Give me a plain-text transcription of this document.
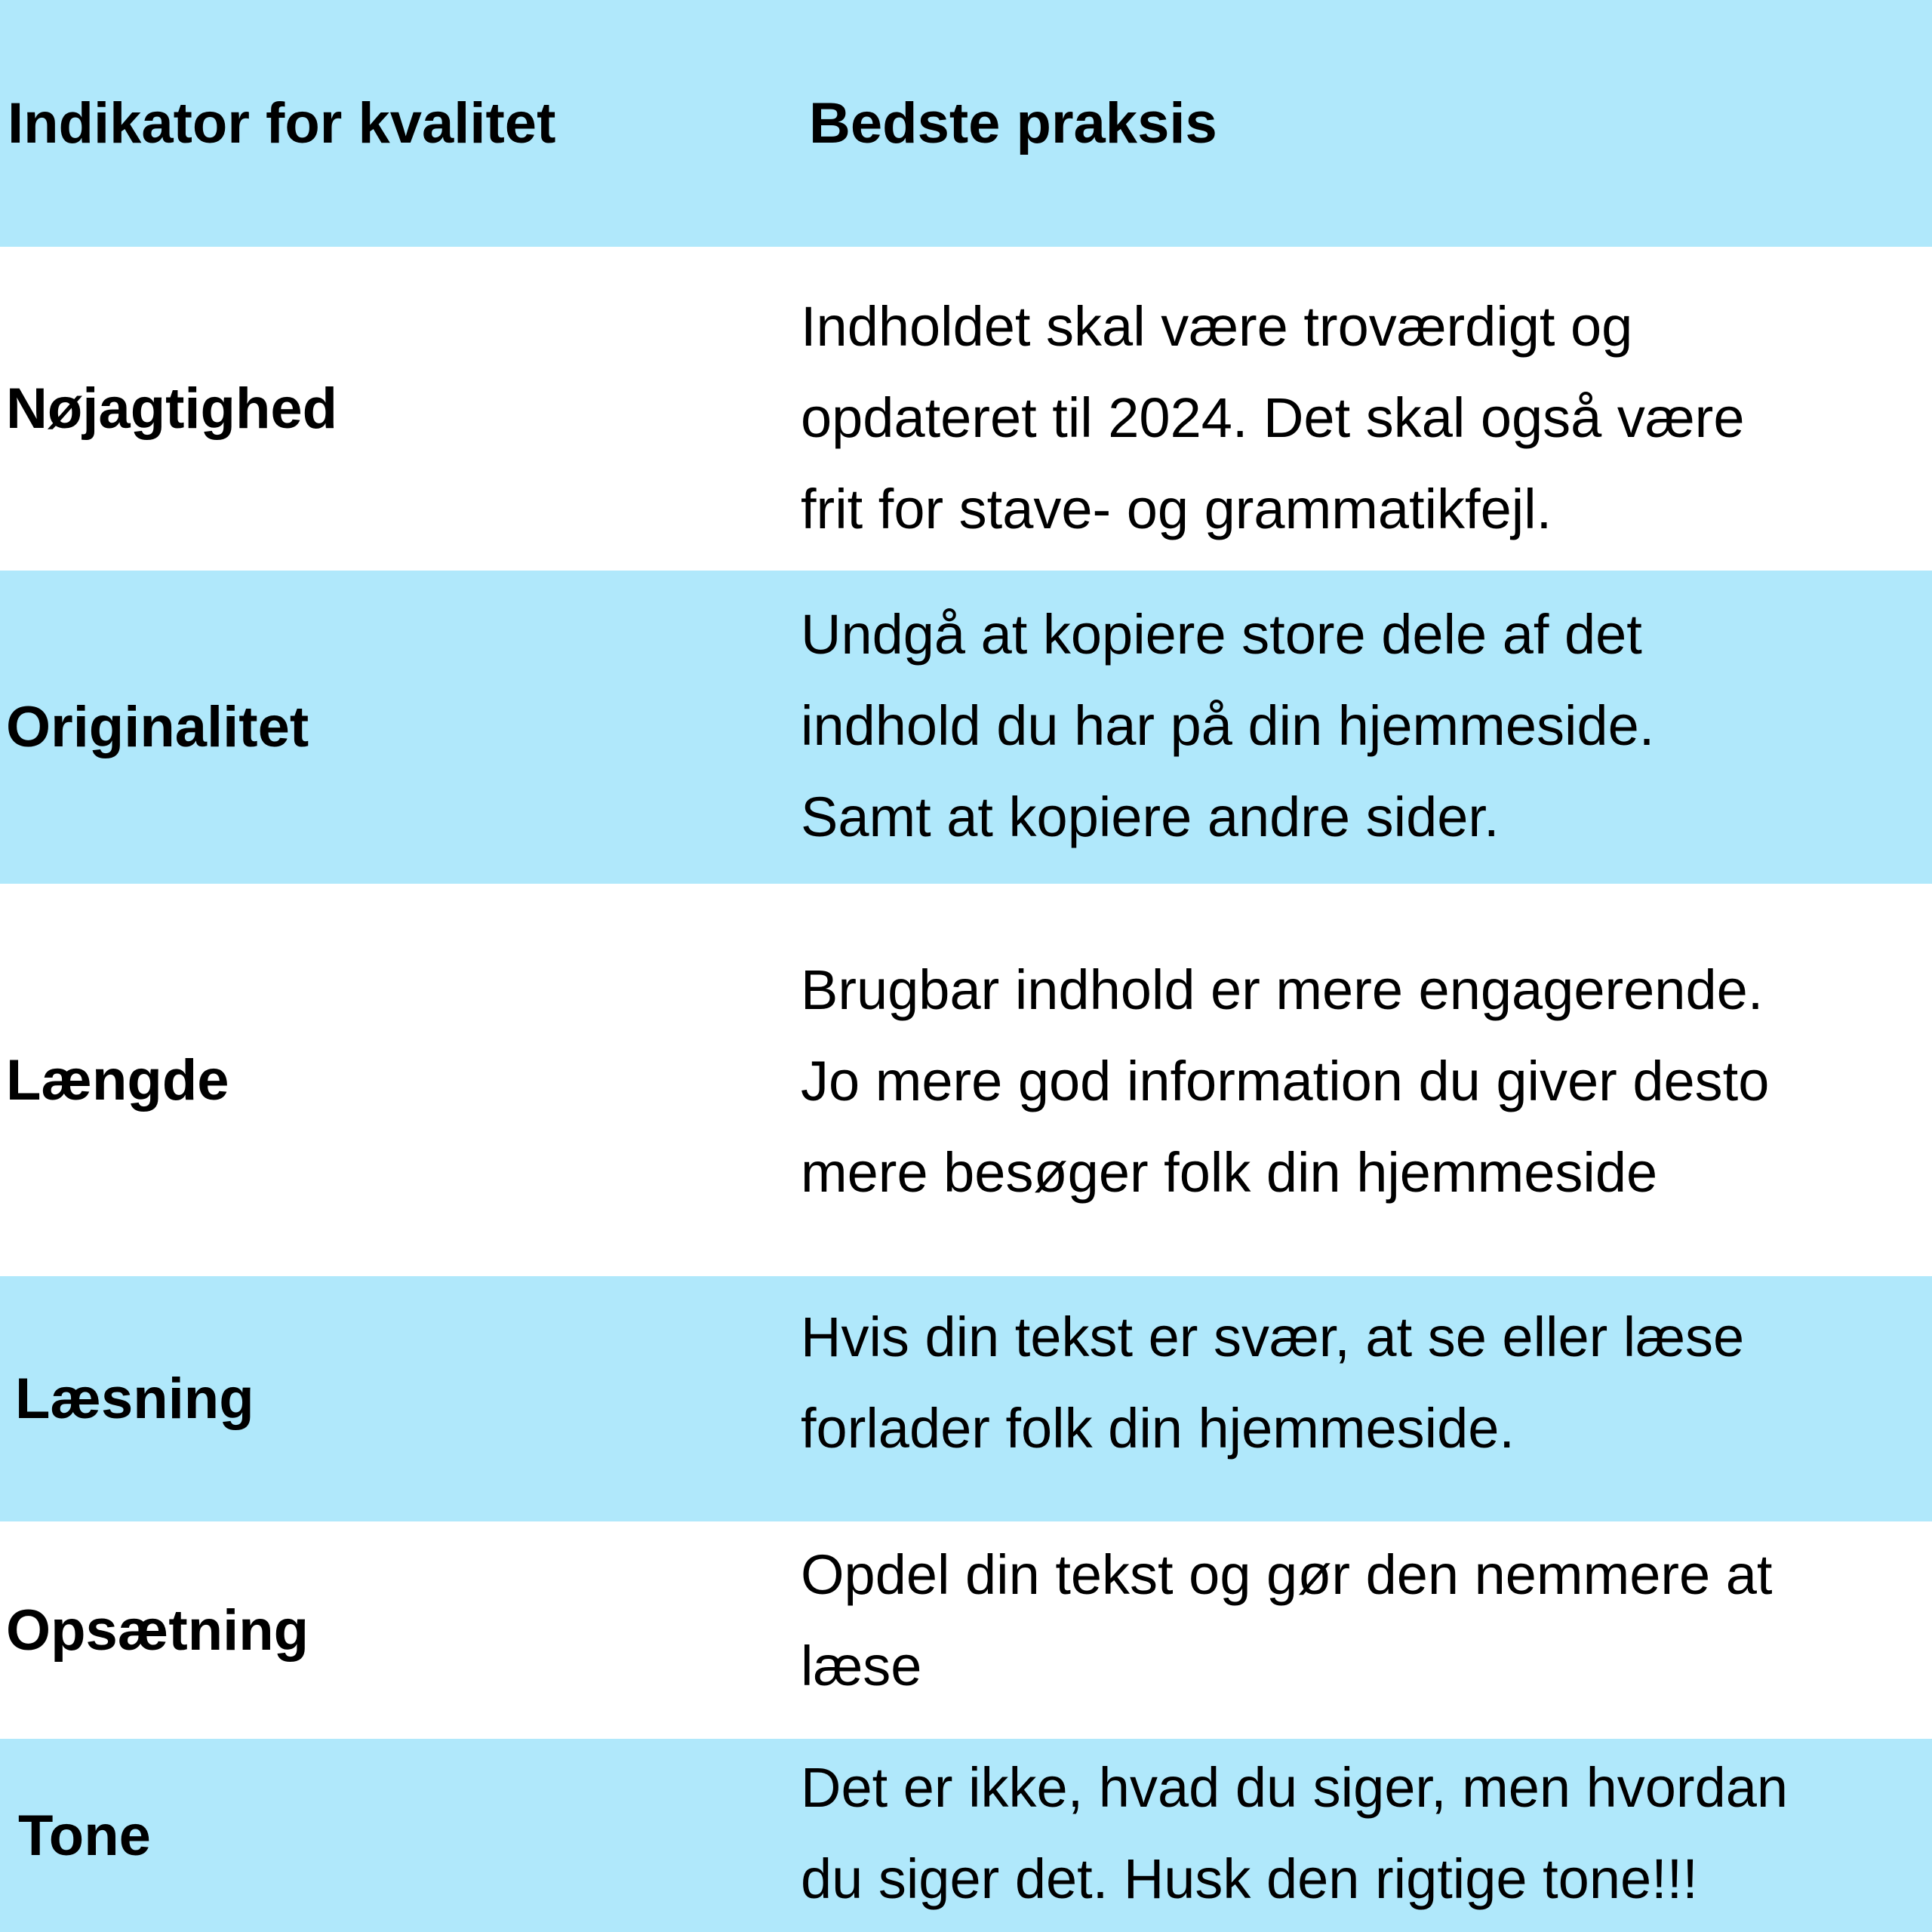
Indikator for kvalitet	Bedste praksis
Nøjagtighed
Indholdet skal være troværdigt og
opdateret til 2024. Det skal også være
frit for stave- og grammatikfejl.
Originalitet
Undgå at kopiere store dele af det
indhold du har på din hjemmeside.
Samt at kopiere andre sider.
Længde
Brugbar indhold er mere engagerende.
Jo mere god information du giver desto
mere besøger folk din hjemmeside
Læsning
Hvis din tekst er svær, at se eller læse
forlader folk din hjemmeside.
Opsætning
Opdel din tekst og gør den nemmere at
læse
Tone
Det er ikke, hvad du siger, men hvordan
du siger det. Husk den rigtige tone!!!
